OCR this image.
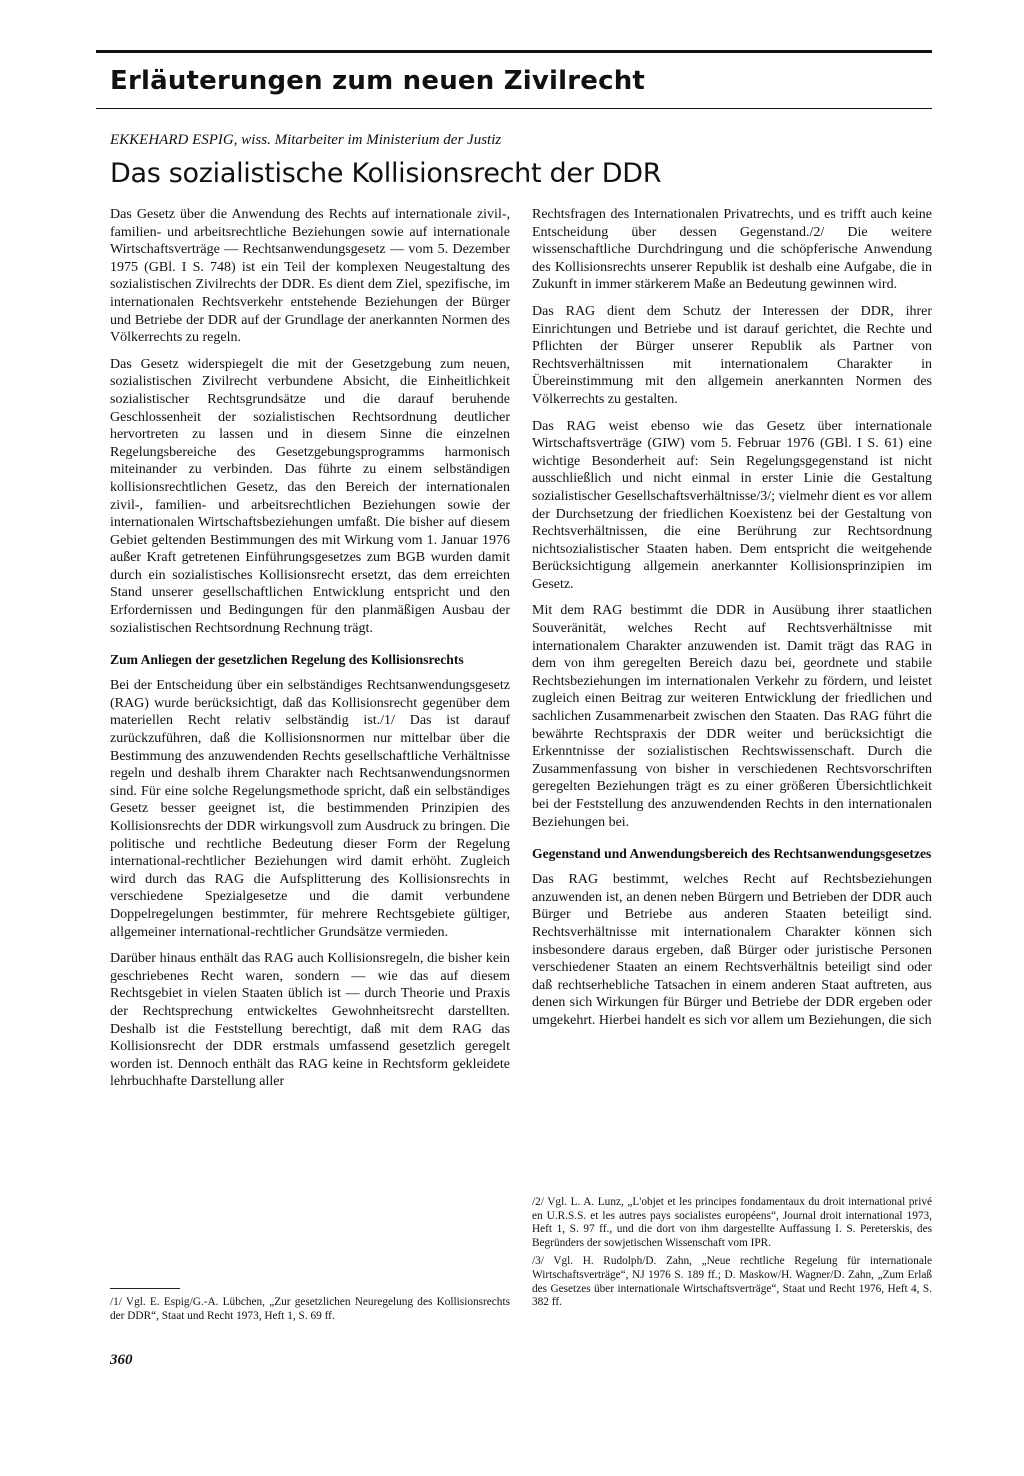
Erläuterungen zum neuen Zivilrecht

EKKEHARD ESPIG, wiss. Mitarbeiter im Ministerium der Justiz

Das sozialistische Kollisionsrecht der DDR

Das Gesetz über die Anwendung des Rechts auf internationale zivil-, familien- und arbeitsrechtliche Beziehungen sowie auf internationale Wirtschaftsverträge — Rechtsanwendungsgesetz — vom 5. Dezember 1975 (GBl. I S. 748) ist ein Teil der komplexen Neugestaltung des sozialistischen Zivilrechts der DDR. Es dient dem Ziel, spezifische, im internationalen Rechtsverkehr entstehende Beziehungen der Bürger und Betriebe der DDR auf der Grundlage der anerkannten Normen des Völkerrechts zu regeln.

Das Gesetz widerspiegelt die mit der Gesetzgebung zum neuen, sozialistischen Zivilrecht verbundene Absicht, die Einheitlichkeit sozialistischer Rechtsgrundsätze und die darauf beruhende Geschlossenheit der sozialistischen Rechtsordnung deutlicher hervortreten zu lassen und in diesem Sinne die einzelnen Regelungsbereiche des Gesetzgebungsprogramms harmonisch miteinander zu verbinden. Das führte zu einem selbständigen kollisionsrechtlichen Gesetz, das den Bereich der internationalen zivil-, familien- und arbeitsrechtlichen Beziehungen sowie der internationalen Wirtschaftsbeziehungen umfaßt. Die bisher auf diesem Gebiet geltenden Bestimmungen des mit Wirkung vom 1. Januar 1976 außer Kraft getretenen Einführungsgesetzes zum BGB wurden damit durch ein sozialistisches Kollisionsrecht ersetzt, das dem erreichten Stand unserer gesellschaftlichen Entwicklung entspricht und den Erfordernissen und Bedingungen für den planmäßigen Ausbau der sozialistischen Rechtsordnung Rechnung trägt.

Zum Anliegen der gesetzlichen Regelung des Kollisionsrechts

Bei der Entscheidung über ein selbständiges Rechtsanwendungsgesetz (RAG) wurde berücksichtigt, daß das Kollisionsrecht gegenüber dem materiellen Recht relativ selbständig ist./1/ Das ist darauf zurückzuführen, daß die Kollisionsnormen nur mittelbar über die Bestimmung des anzuwendenden Rechts gesellschaftliche Verhältnisse regeln und deshalb ihrem Charakter nach Rechtsanwendungsnormen sind. Für eine solche Regelungsmethode spricht, daß ein selbständiges Gesetz besser geeignet ist, die bestimmenden Prinzipien des Kollisionsrechts der DDR wirkungsvoll zum Ausdruck zu bringen. Die politische und rechtliche Bedeutung dieser Form der Regelung international-rechtlicher Beziehungen wird damit erhöht. Zugleich wird durch das RAG die Aufsplitterung des Kollisionsrechts in verschiedene Spezialgesetze und die damit verbundene Doppelregelungen bestimmter, für mehrere Rechtsgebiete gültiger, allgemeiner international-rechtlicher Grundsätze vermieden.

Darüber hinaus enthält das RAG auch Kollisionsregeln, die bisher kein geschriebenes Recht waren, sondern — wie das auf diesem Rechtsgebiet in vielen Staaten üblich ist — durch Theorie und Praxis der Rechtsprechung entwickeltes Gewohnheitsrecht darstellten. Deshalb ist die Feststellung berechtigt, daß mit dem RAG das Kollisionsrecht der DDR erstmals umfassend gesetzlich geregelt worden ist. Dennoch enthält das RAG keine in Rechtsform gekleidete lehrbuchhafte Darstellung aller

Rechtsfragen des Internationalen Privatrechts, und es trifft auch keine Entscheidung über dessen Gegenstand./2/ Die weitere wissenschaftliche Durchdringung und die schöpferische Anwendung des Kollisionsrechts unserer Republik ist deshalb eine Aufgabe, die in Zukunft in immer stärkerem Maße an Bedeutung gewinnen wird.

Das RAG dient dem Schutz der Interessen der DDR, ihrer Einrichtungen und Betriebe und ist darauf gerichtet, die Rechte und Pflichten der Bürger unserer Republik als Partner von Rechtsverhältnissen mit internationalem Charakter in Übereinstimmung mit den allgemein anerkannten Normen des Völkerrechts zu gestalten.

Das RAG weist ebenso wie das Gesetz über internationale Wirtschaftsverträge (GIW) vom 5. Februar 1976 (GBl. I S. 61) eine wichtige Besonderheit auf: Sein Regelungsgegenstand ist nicht ausschließlich und nicht einmal in erster Linie die Gestaltung sozialistischer Gesellschaftsverhältnisse/3/; vielmehr dient es vor allem der Durchsetzung der friedlichen Koexistenz bei der Gestaltung von Rechtsverhältnissen, die eine Berührung zur Rechtsordnung nichtsozialistischer Staaten haben. Dem entspricht die weitgehende Berücksichtigung allgemein anerkannter Kollisionsprinzipien im Gesetz.

Mit dem RAG bestimmt die DDR in Ausübung ihrer staatlichen Souveränität, welches Recht auf Rechtsverhältnisse mit internationalem Charakter anzuwenden ist. Damit trägt das RAG in dem von ihm geregelten Bereich dazu bei, geordnete und stabile Rechtsbeziehungen im internationalen Verkehr zu fördern, und leistet zugleich einen Beitrag zur weiteren Entwicklung der friedlichen und sachlichen Zusammenarbeit zwischen den Staaten. Das RAG führt die bewährte Rechtspraxis der DDR weiter und berücksichtigt die Erkenntnisse der sozialistischen Rechtswissenschaft. Durch die Zusammenfassung von bisher in verschiedenen Rechtsvorschriften geregelten Beziehungen trägt es zu einer größeren Übersichtlichkeit bei der Feststellung des anzuwendenden Rechts in den internationalen Beziehungen bei.

Gegenstand und Anwendungsbereich des Rechtsanwendungsgesetzes

Das RAG bestimmt, welches Recht auf Rechtsbeziehungen anzuwenden ist, an denen neben Bürgern und Betrieben der DDR auch Bürger und Betriebe aus anderen Staaten beteiligt sind. Rechtsverhältnisse mit internationalem Charakter können sich insbesondere daraus ergeben, daß Bürger oder juristische Personen verschiedener Staaten an einem Rechtsverhältnis beteiligt sind oder daß rechtserhebliche Tatsachen in einem anderen Staat auftreten, aus denen sich Wirkungen für Bürger und Betriebe der DDR ergeben oder umgekehrt. Hierbei handelt es sich vor allem um Beziehungen, die sich

/1/ Vgl. E. Espig/G.-A. Lübchen, „Zur gesetzlichen Neuregelung des Kollisionsrechts der DDR“, Staat und Recht 1973, Heft 1, S. 69 ff.

/2/ Vgl. L. A. Lunz, „L'objet et les principes fondamentaux du droit international privé en U.R.S.S. et les autres pays socialistes européens“, Journal droit international 1973, Heft 1, S. 97 ff., und die dort von ihm dargestellte Auffassung I. S. Pereterskis, des Begründers der sowjetischen Wissenschaft vom IPR.

/3/ Vgl. H. Rudolph/D. Zahn, „Neue rechtliche Regelung für internationale Wirtschaftsverträge“, NJ 1976 S. 189 ff.; D. Maskow/H. Wagner/D. Zahn, „Zum Erlaß des Gesetzes über internationale Wirtschaftsverträge“, Staat und Recht 1976, Heft 4, S. 382 ff.

360
